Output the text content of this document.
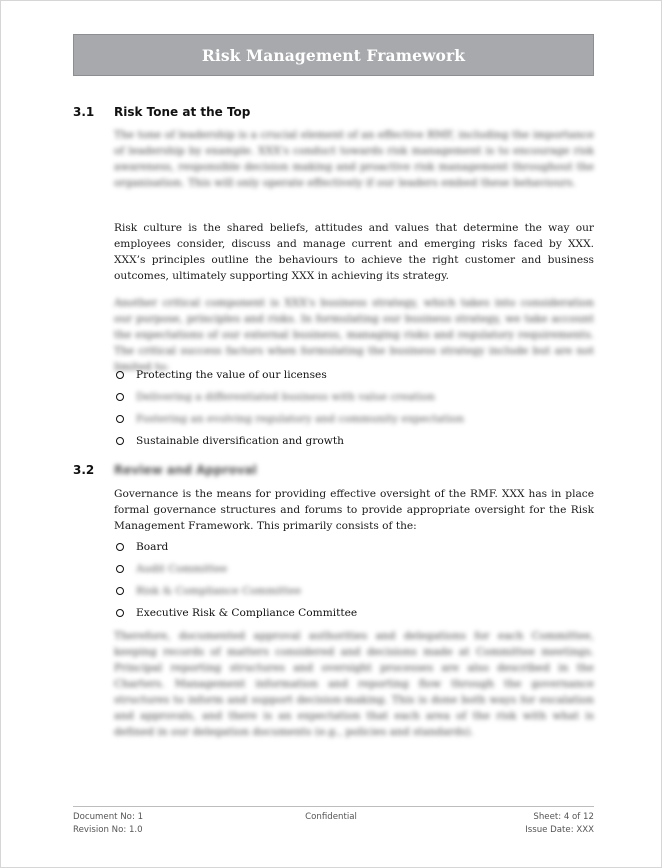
Risk Management Framework
3.1 Risk Tone at the Top
The tone of leadership is a crucial element of an effective RMF, including the importance of leadership by example. XXX's conduct towards risk management is to encourage risk awareness, responsible decision making and proactive risk management throughout the organisation. This will only operate effectively if our leaders embed these behaviours.
Risk culture is the shared beliefs, attitudes and values that determine the way our employees consider, discuss and manage current and emerging risks faced by XXX. XXX’s principles outline the behaviours to achieve the right customer and business outcomes, ultimately supporting XXX in achieving its strategy.
Another critical component is XXX's business strategy, which takes into consideration our purpose, principles and risks. In formulating our business strategy, we take account the expectations of our external business, managing risks and regulatory requirements. The critical success factors when formulating the business strategy include but are not limited to:
Protecting the value of our licenses
Delivering a differentiated business with value creation
Fostering an evolving regulatory and community expectation
Sustainable diversification and growth
3.2 Review and Approval
Governance is the means for providing effective oversight of the RMF. XXX has in place formal governance structures and forums to provide appropriate oversight for the Risk Management Framework. This primarily consists of the:
Board
Audit Committee
Risk & Compliance Committee
Executive Risk & Compliance Committee
Therefore, documented approval authorities and delegations for each Committee, keeping records of matters considered and decisions made at Committee meetings. Principal reporting structures and oversight processes are also described in the Charters. Management information and reporting flow through the governance structures to inform and support decision-making. This is done both ways for escalation and approvals, and there is an expectation that each area of the risk with what is defined in our delegation documents (e.g., policies and standards).
Document No: 1
Revision No: 1.0
Confidential	Sheet: 4 of 12
Issue Date: XXX
